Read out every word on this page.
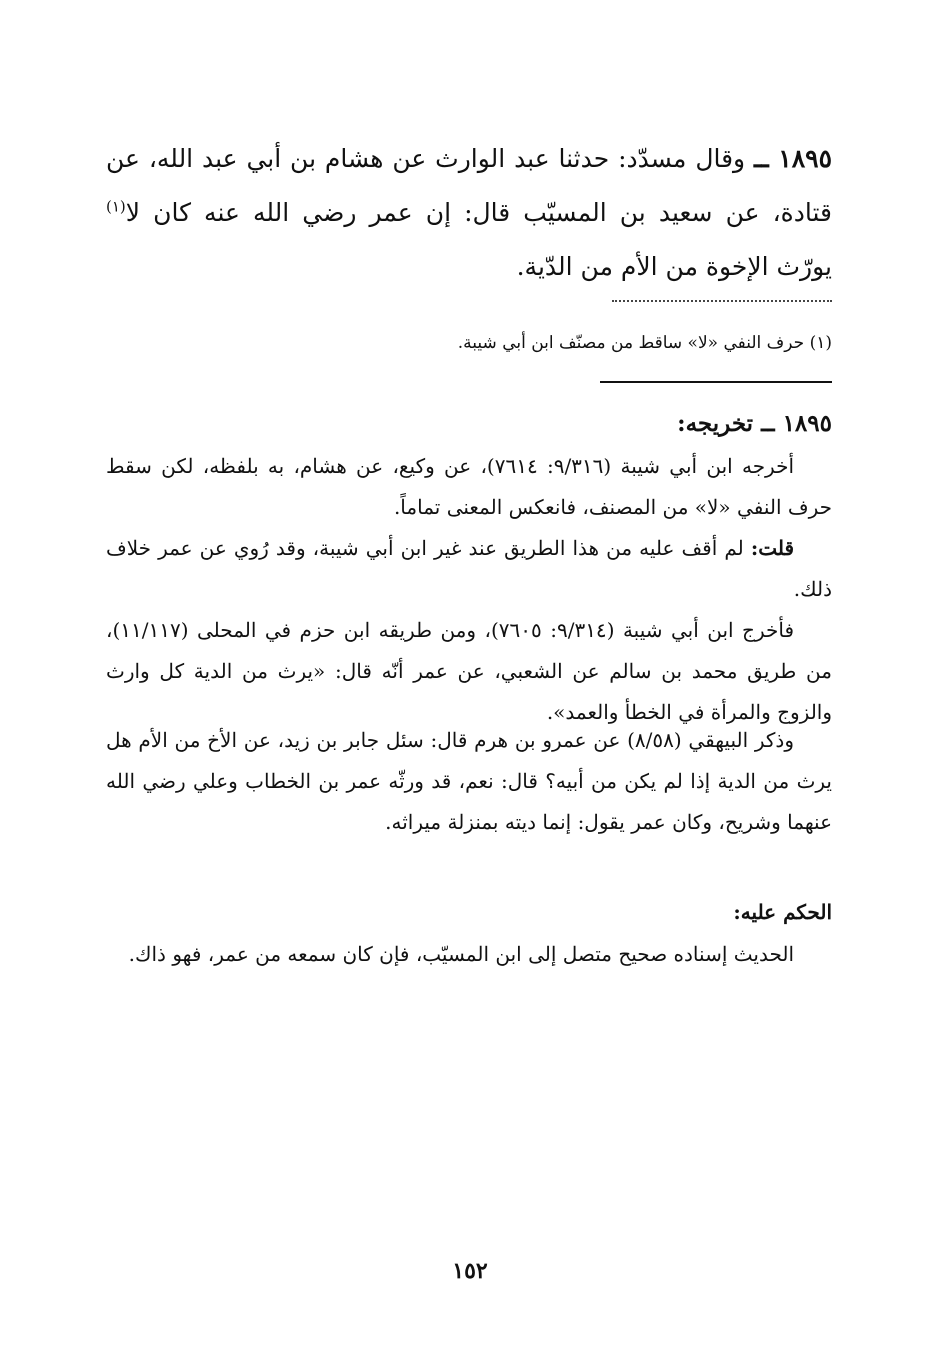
١٨٩٥ ــ وقال مسدّد: حدثنا عبد الوارث عن هشام بن أبي عبد الله، عن قتادة، عن سعيد بن المسيّب قال: إن عمر رضي الله عنه كان لا$^{(١)}$ يورّث الإخوة من الأم من الدّية.
(١) حرف النفي «لا» ساقط من مصنّف ابن أبي شيبة.
١٨٩٥ ــ تخريجه:
أخرجه ابن أبي شيبة (٩/٣١٦: ٧٦١٤)، عن وكيع، عن هشام، به بلفظه، لكن سقط حرف النفي «لا» من المصنف، فانعكس المعنى تماماً.
قلت: لم أقف عليه من هذا الطريق عند غير ابن أبي شيبة، وقد رُوي عن عمر خلاف ذلك.
فأخرج ابن أبي شيبة (٩/٣١٤: ٧٦٠٥)، ومن طريقه ابن حزم في المحلى (١١/١١٧)، من طريق محمد بن سالم عن الشعبي، عن عمر أنّه قال: «يرث من الدية كل وارث والزوج والمرأة في الخطأ والعمد».
وذكر البيهقي (٨/٥٨) عن عمرو بن هرم قال: سئل جابر بن زيد، عن الأخ من الأم هل يرث من الدية إذا لم يكن من أبيه؟ قال: نعم، قد ورثّه عمر بن الخطاب وعلي رضي الله عنهما وشريح، وكان عمر يقول: إنما ديته بمنزلة ميراثه.
الحكم عليه:
الحديث إسناده صحيح متصل إلى ابن المسيّب، فإن كان سمعه من عمر، فهو ذاك.
١٥٢
